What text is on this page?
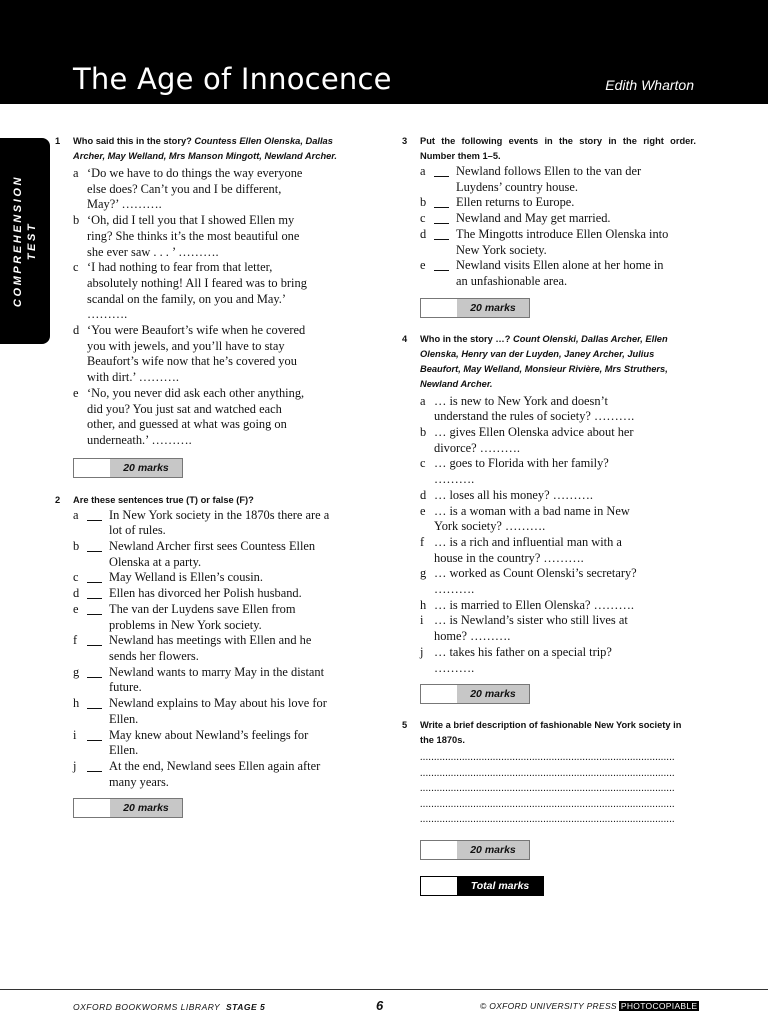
The Age of Innocence	Edith Wharton
COMPREHENSION TEST
1 Who said this in the story? Countess Ellen Olenska, Dallas Archer, May Welland, Mrs Manson Mingott, Newland Archer.
a ‘Do we have to do things the way everyone
else does? Can’t you and I be different,
May?’ ……….
b ‘Oh, did I tell you that I showed Ellen my
ring? She thinks it’s the most beautiful one
she ever saw . . . ’ ……….
c ‘I had nothing to fear from that letter,
absolutely nothing! All I feared was to bring
scandal on the family, on you and May.’
……….
d ‘You were Beaufort’s wife when he covered
you with jewels, and you’ll have to stay
Beaufort’s wife now that he’s covered you
with dirt.’ ……….
e ‘No, you never did ask each other anything,
did you? You just sat and watched each
other, and guessed at what was going on
underneath.’ ……….
20 marks
2 Are these sentences true (T) or false (F)?
a In New York society in the 1870s there are a
lot of rules.
b Newland Archer first sees Countess Ellen
Olenska at a party.
c May Welland is Ellen’s cousin.
d Ellen has divorced her Polish husband.
e The van der Luydens save Ellen from
problems in New York society.
f	Newland has meetings with Ellen and he
sends her flowers.
g Newland wants to marry May in the distant
future.
h Newland explains to May about his love for
Ellen.
i	May knew about Newland’s feelings for
Ellen.
j	At the end, Newland sees Ellen again after
many years.
20 marks
3 Put the following events in the story in the right order. Number them 1–5.
a Newland follows Ellen to the van der
Luydens’ country house.
b Ellen returns to Europe.
c Newland and May get married.
d The Mingotts introduce Ellen Olenska into
New York society.
e Newland visits Ellen alone at her home in
an unfashionable area.
20 marks
4 Who in the story …? Count Olenski, Dallas Archer, Ellen Olenska, Henry van der Luyden, Janey Archer, Julius Beaufort, May Welland, Monsieur Rivière, Mrs Struthers, Newland Archer.
a … is new to New York and doesn’t
understand the rules of society? ……….
b … gives Ellen Olenska advice about her
divorce? ……….
c … goes to Florida with her family?
……….
d … loses all his money? ……….
e … is a woman with a bad name in New
York society? ……….
f … is a rich and influential man with a
house in the country? ……….
g … worked as Count Olenski’s secretary?
……….
h … is married to Ellen Olenska? ……….
i … is Newland’s sister who still lives at
home? ……….
j … takes his father on a special trip?
……….
20 marks
5 Write a brief description of fashionable New York society in the 1870s.
...........................................................................................
...........................................................................................
...........................................................................................
...........................................................................................
...........................................................................................
20 marks
Total marks
OXFORD BOOKWORMS LIBRARY STAGE 5	6	© OXFORD UNIVERSITY PRESS PHOTOCOPIABLE
